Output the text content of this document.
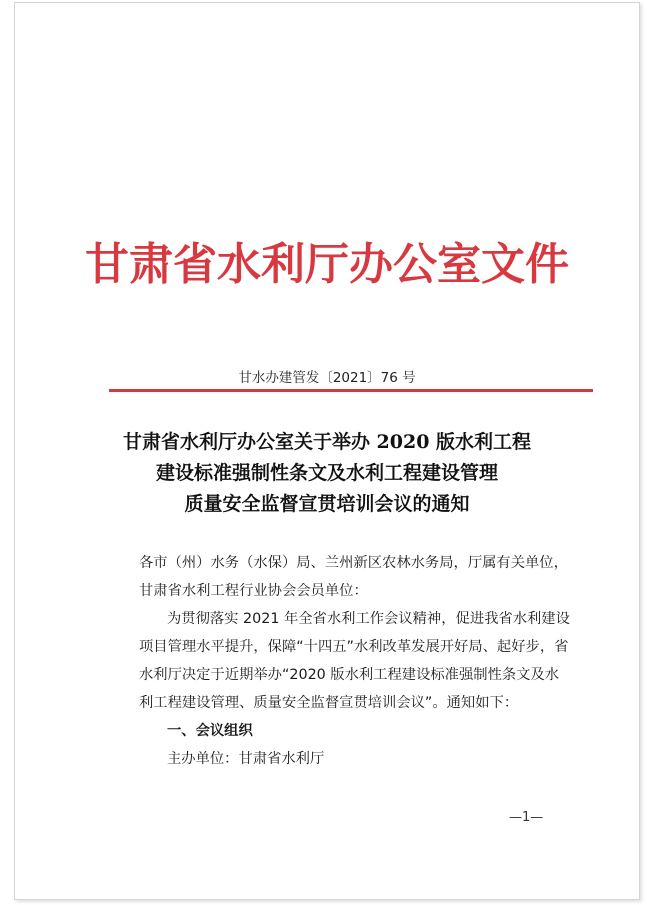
甘肃省水利厅办公室文件
甘水办建管发〔2021〕76 号
甘肃省水利厅办公室关于举办 2020 版水利工程
建设标准强制性条文及水利工程建设管理
质量安全监督宣贯培训会议的通知

各市（州）水务（水保）局、兰州新区农林水务局，厅属有关单位，甘肃省水利工程行业协会会员单位：

为贯彻落实 2021 年全省水利工作会议精神，促进我省水利建设项目管理水平提升，保障“十四五”水利改革发展开好局、起好步，省水利厅决定于近期举办“2020 版水利工程建设标准强制性条文及水利工程建设管理、质量安全监督宣贯培训会议”。通知如下：

一、会议组织

主办单位：甘肃省水利厅

—1—
